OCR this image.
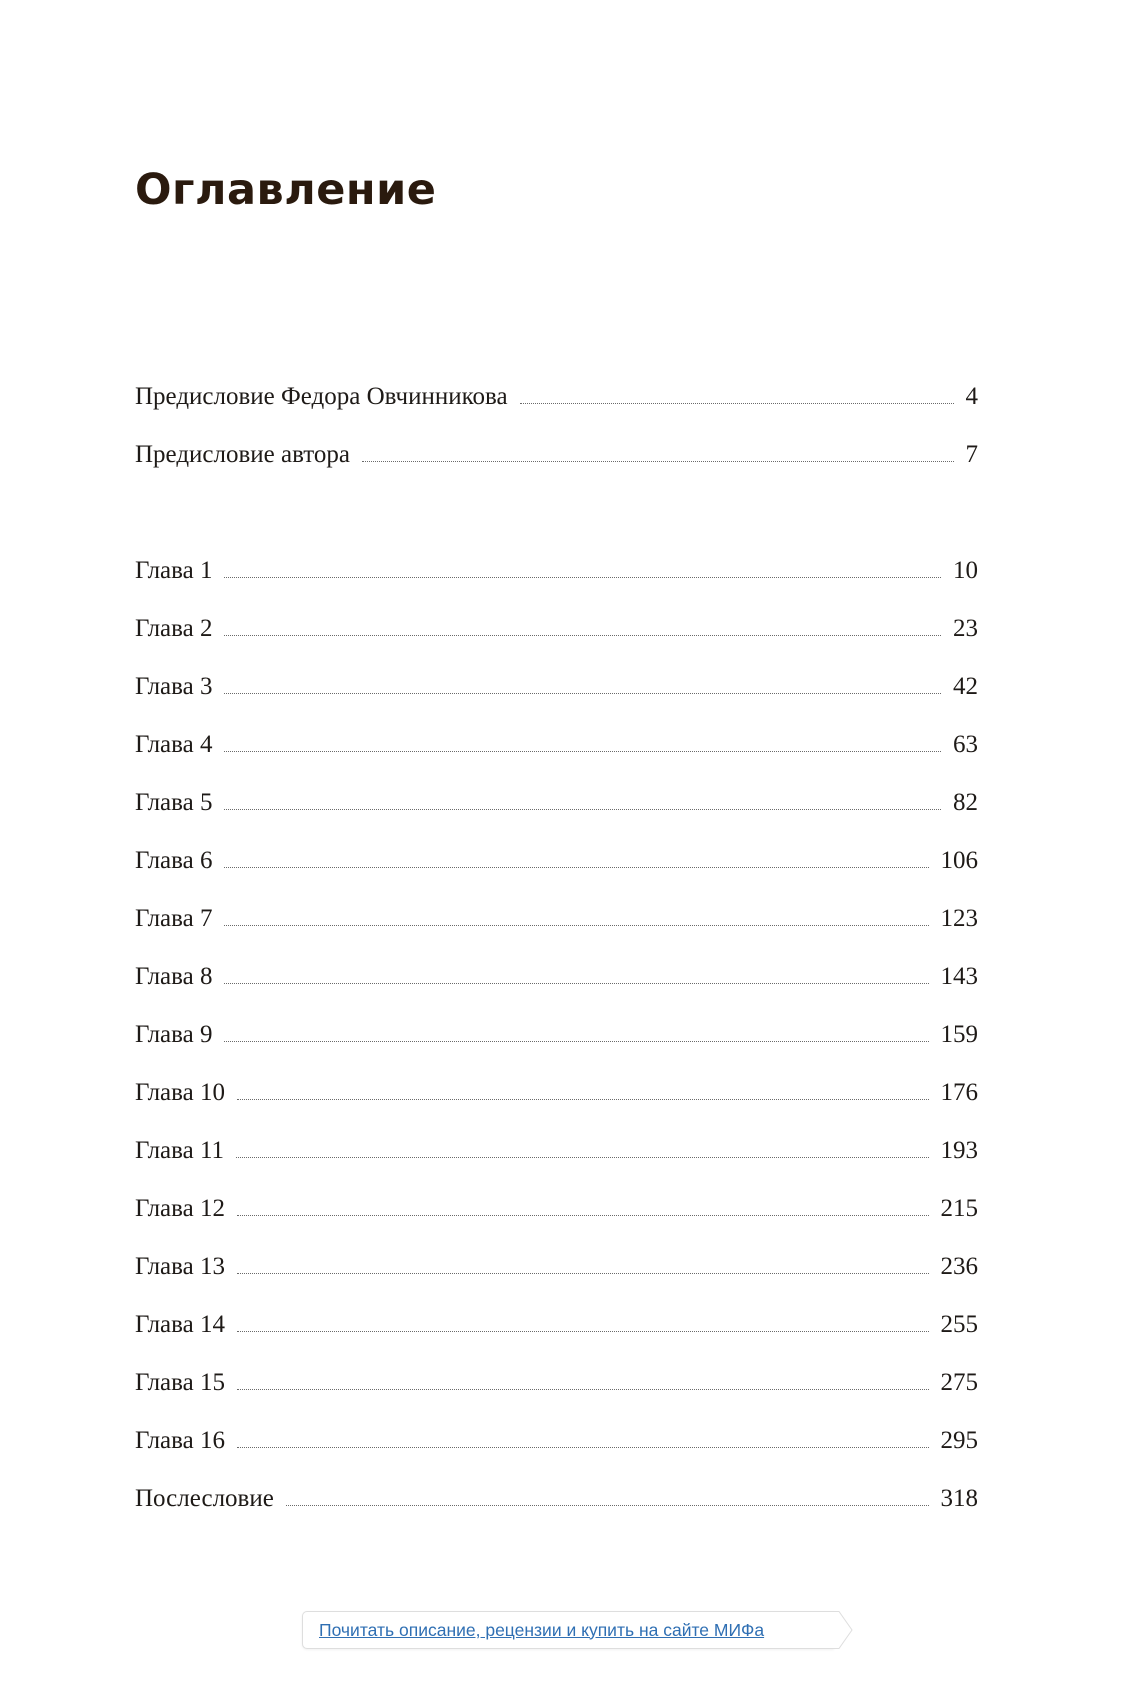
Оглавление
Предисловие Федора Овчинникова	4
Предисловие автора	7
Глава 1	10
Глава 2	23
Глава 3	42
Глава 4	63
Глава 5	82
Глава 6	106
Глава 7	123
Глава 8	143
Глава 9	159
Глава 10	176
Глава 11	193
Глава 12	215
Глава 13	236
Глава 14	255
Глава 15	275
Глава 16	295
Послесловие	318
Почитать описание, рецензии и купить на сайте МИФа
